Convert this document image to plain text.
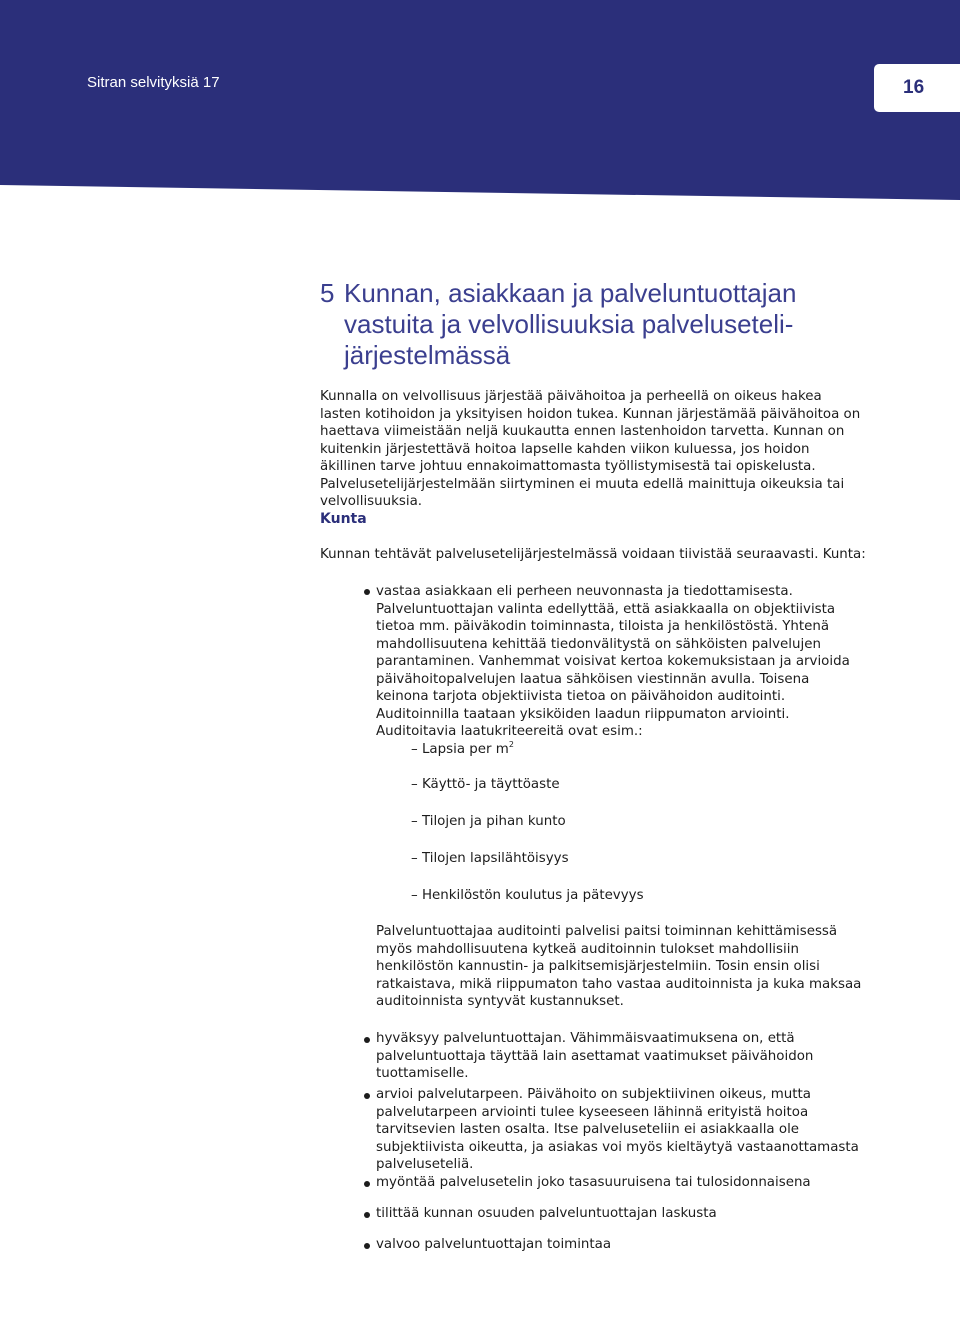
Sitran selvityksiä 17	16
5 Kunnan, asiakkaan ja palveluntuottajan
vastuita ja velvollisuuksia palveluseteli-
järjestelmässä

Kunnalla on velvollisuus järjestää päivähoitoa ja perheellä on oikeus hakea lasten kotihoidon ja yksityisen hoidon tukea. Kunnan järjestämää päivähoitoa on haettava viimeistään neljä kuukautta ennen lastenhoidon tarvetta. Kunnan on kuitenkin järjestettävä hoitoa lapselle kahden viikon kuluessa, jos hoidon äkillinen tarve johtuu ennakoimattomasta työllistymisestä tai opiskelusta. Palvelusetelijärjestelmään siirtyminen ei muuta edellä mainittuja oikeuksia tai velvollisuuksia.

Kunta

Kunnan tehtävät palvelusetelijärjestelmässä voidaan tiivistää seuraavasti. Kunta:

vastaa asiakkaan eli perheen neuvonnasta ja tiedottamisesta. Palveluntuottajan valinta edellyttää, että asiakkaalla on objektiivista tietoa mm. päiväkodin toiminnasta, tiloista ja henkilöstöstä. Yhtenä mahdollisuutena kehittää tiedonvälitystä on sähköisten palvelujen parantaminen. Vanhemmat voisivat kertoa kokemuksistaan ja arvioida päivähoitopalvelujen laatua sähköisen viestinnän avulla. Toisena keinona tarjota objektiivista tietoa on päivähoidon auditointi. Auditoinnilla taataan yksiköiden laadun riippumaton arviointi. Auditoitavia laatukriteereitä ovat esim.:
– Lapsia per $m^2$
– Käyttö- ja täyttöaste
– Tilojen ja pihan kunto
– Tilojen lapsilähtöisyys
– Henkilöstön koulutus ja pätevyys
Palveluntuottajaa auditointi palvelisi paitsi toiminnan kehittämisessä myös mahdollisuutena kytkeä auditoinnin tulokset mahdollisiin henkilöstön kannustin- ja palkitsemisjärjestelmiin. Tosin ensin olisi ratkaistava, mikä riippumaton taho vastaa auditoinnista ja kuka maksaa auditoinnista syntyvät kustannukset.
hyväksyy palveluntuottajan. Vähimmäisvaatimuksena on, että palveluntuottaja täyttää lain asettamat vaatimukset päivähoidon tuottamiselle.
arvioi palvelutarpeen. Päivähoito on subjektiivinen oikeus, mutta palvelutarpeen arviointi tulee kyseeseen lähinnä erityistä hoitoa tarvitsevien lasten osalta. Itse palveluseteliin ei asiakkaalla ole subjektiivista oikeutta, ja asiakas voi myös kieltäytyä vastaanottamasta palveluseteliä.
myöntää palvelusetelin joko tasasuuruisena tai tulosidonnaisena
tilittää kunnan osuuden palveluntuottajan laskusta
valvoo palveluntuottajan toimintaa
